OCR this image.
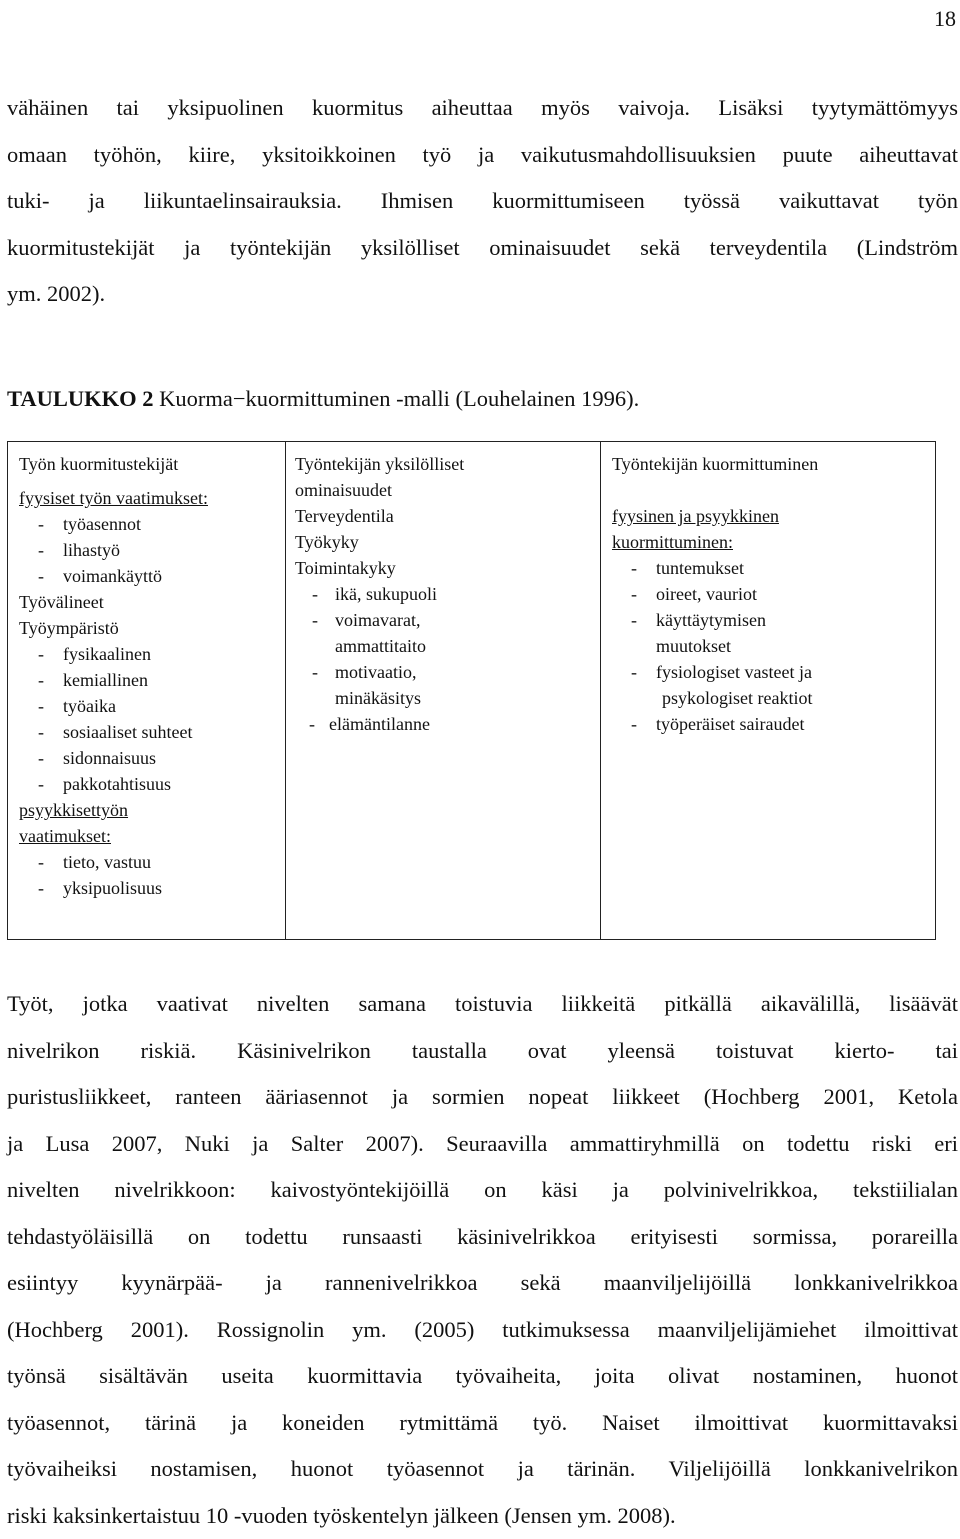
18
vähäinen tai yksipuolinen kuormitus aiheuttaa myös vaivoja. Lisäksi tyytymättömyys
omaan työhön, kiire, yksitoikkoinen työ ja vaikutusmahdollisuuksien puute aiheuttavat
tuki- ja liikuntaelinsairauksia. Ihmisen kuormittumiseen työssä vaikuttavat työn
kuormitustekijät ja työntekijän yksilölliset ominaisuudet sekä terveydentila (Lindström
ym. 2002).
TAULUKKO 2 Kuorma−kuormittuminen -malli (Louhelainen 1996).
Työn kuormitustekijät
fyysiset työn vaatimukset:
- työasennot
- lihastyö
- voimankäyttö
Työvälineet
Työympäristö
- fysikaalinen
- kemiallinen
- työaika
- sosiaaliset suhteet
- sidonnaisuus
- pakkotahtisuus
psyykkisettyön
vaatimukset:
- tieto, vastuu
- yksipuolisuus
Työntekijän yksilölliset
ominaisuudet
Terveydentila
Työkyky
Toimintakyky
- ikä, sukupuoli
- voimavarat,
ammattitaito
- motivaatio,
minäkäsitys
- elämäntilanne
Työntekijän kuormittuminen
fyysinen ja psyykkinen
kuormittuminen:
- tuntemukset
- oireet, vauriot
- käyttäytymisen
muutokset
- fysiologiset vasteet ja
psykologiset reaktiot
- työperäiset sairaudet
Työt, jotka vaativat nivelten samana toistuvia liikkeitä pitkällä aikavälillä, lisäävät
nivelrikon riskiä. Käsinivelrikon taustalla ovat yleensä toistuvat kierto- tai
puristusliikkeet, ranteen ääriasennot ja sormien nopeat liikkeet (Hochberg 2001, Ketola
ja Lusa 2007, Nuki ja Salter 2007). Seuraavilla ammattiryhmillä on todettu riski eri
nivelten nivelrikkoon: kaivostyöntekijöillä on käsi ja polvinivelrikkoa, tekstiilialan
tehdastyöläisillä on todettu runsaasti käsinivelrikkoa erityisesti sormissa, porareilla
esiintyy kyynärpää- ja rannenivelrikkoa sekä maanviljelijöillä lonkkanivelrikkoa
(Hochberg 2001). Rossignolin ym. (2005) tutkimuksessa maanviljelijämiehet ilmoittivat
työnsä sisältävän useita kuormittavia työvaiheita, joita olivat nostaminen, huonot
työasennot, tärinä ja koneiden rytmittämä työ. Naiset ilmoittivat kuormittavaksi
työvaiheiksi nostamisen, huonot työasennot ja tärinän. Viljelijöillä lonkkanivelrikon
riski kaksinkertaistuu 10 -vuoden työskentelyn jälkeen (Jensen ym. 2008).
